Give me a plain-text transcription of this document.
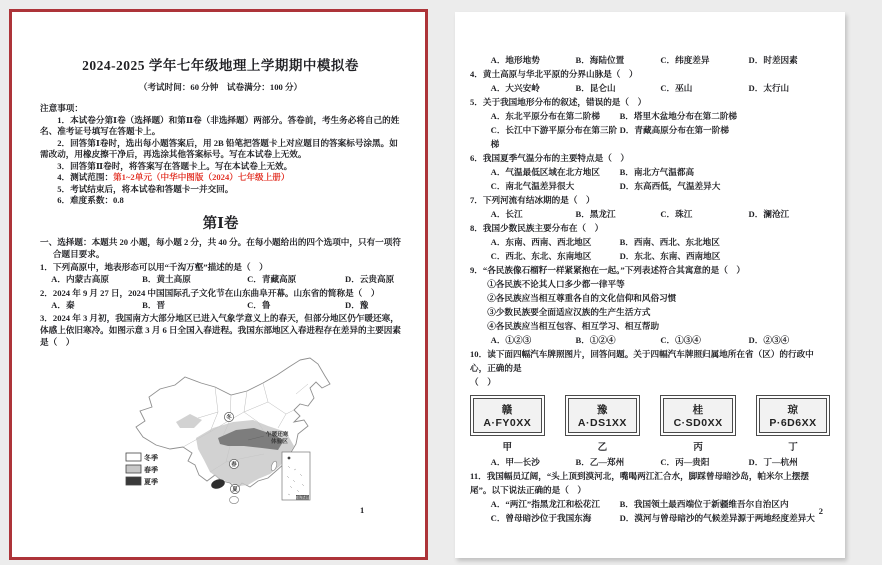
2024-2025 学年七年级地理上学期期中模拟卷
（考试时间：60 分钟　试卷满分：100 分）

注意事项：

1．本试卷分第Ⅰ卷（选择题）和第Ⅱ卷（非选择题）两部分。答卷前，考生务必将自己的姓名、准考证号填写在答题卡上。

2．回答第Ⅰ卷时，选出每小题答案后，用 2B 铅笔把答题卡上对应题目的答案标号涂黑。如需改动，用橡皮擦干净后，再选涂其他答案标号。写在本试卷上无效。

3．回答第Ⅱ卷时，将答案写在答题卡上。写在本试卷上无效。

4．测试范围：第1~2单元（中华中图版（2024）七年级上册）

5．考试结束后，将本试卷和答题卡一并交回。

6．难度系数：0.8

第Ⅰ卷

一、选择题：本题共 20 小题，每小题 2 分，共 40 分。在每小题给出的四个选项中，只有一项符合题目要求。

1．下列高原中，地表形态可以用“千沟万壑”描述的是（　）

A．内蒙古高原	B．黄土高原	C．青藏高原	D．云贵高原

2．2024 年 9 月 27 日，2024 中国国际孔子文化节在山东曲阜开幕。山东省的简称是（　）

A．秦	B．晋	C．鲁	D．豫

3．2024 年 3 月初，我国南方大部分地区已进入气象学意义上的春天，但部分地区仍乍暖还寒，体感上依旧寒冷。如图示意 3 月 6 日全国入春进程。我国东部地区入春进程存在差异的主要因素是（　）

冬
春
夏
乍暖还寒
体验区
南海诸岛
冬季
春季
夏季
1
A．地形地势	B．海陆位置	C．纬度差异	D．时差因素

4．黄土高原与华北平原的分界山脉是（　）

A．大兴安岭	B．昆仑山	C．巫山	D．太行山

5．关于我国地形分布的叙述，错误的是（　）

A．东北平原分布在第二阶梯	B．塔里木盆地分布在第二阶梯
C．长江中下游平原分布在第三阶梯
D．青藏高原分布在第一阶梯

6．我国夏季气温分布的主要特点是（　）

A．气温最低区域在北方地区	B．南北方气温都高
C．南北气温差异很大	D．东高西低，气温差异大

7．下列河流有结冰期的是（　）

A．长江	B．黑龙江	C．珠江	D．澜沧江

8．我国少数民族主要分布在（　）

A．东南、西南、西北地区	B．西南、西北、东北地区
C．西北、东北、东南地区	D．东北、东南、西南地区

9．“各民族像石榴籽一样紧紧抱在一起。”下列表述符合其寓意的是（　）

①各民族不论其人口多少都一律平等

②各民族应当相互尊重各自的文化信仰和风俗习惯

③少数民族要全面适应汉族的生产生活方式

④各民族应当相互包容、相互学习、相互帮助

A．①②③	B．①②④	C．①③④	D．②③④

10．读下面四幅汽车牌照图片，回答问题。关于四幅汽车牌照归属地所在省（区）的行政中心，正确的是

（　）

赣A·FY0XX
甲
豫A·DS1XX
乙
桂C·SD0XX
丙
琼P·6D6XX
丁
A．甲—长沙	B．乙—郑州	C．丙—贵阳	D．丁—杭州

11．我国幅员辽阔，“头上顶到漠河北，嘴喝两江汇合水，脚踩曾母暗沙岛，帕米尔上摆摆尾”。以下说法正确的是（　）

A．“两江”指黑龙江和松花江	B．我国领土最西端位于新疆维吾尔自治区内
C．曾母暗沙位于我国东海	D．漠河与曾母暗沙的气候差异源于两地经度差异大
2
